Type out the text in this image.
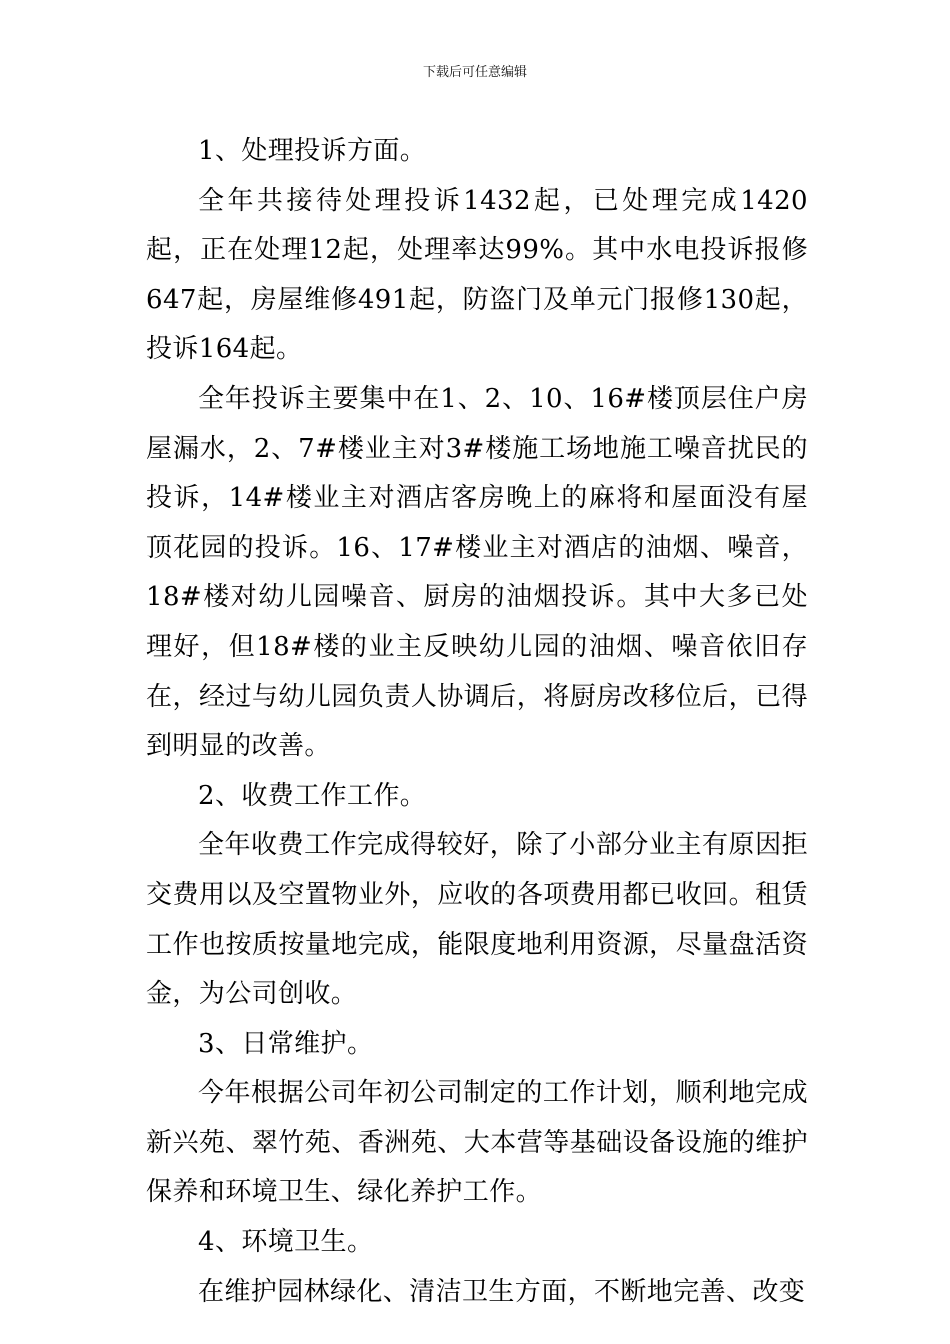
下载后可任意编辑

1、处理投诉方面。

全年共接待处理投诉1432起，已处理完成1420起，正在处理12起，处理率达99%。其中水电投诉报修647起，房屋维修491起，防盗门及单元门报修130起，投诉164起。

全年投诉主要集中在1、2、10、16#楼顶层住户房屋漏水，2、7#楼业主对3#楼施工场地施工噪音扰民的投诉，14#楼业主对酒店客房晚上的麻将和屋面没有屋顶花园的投诉。16、17#楼业主对酒店的油烟、噪音，18#楼对幼儿园噪音、厨房的油烟投诉。其中大多已处理好，但18#楼的业主反映幼儿园的油烟、噪音依旧存在，经过与幼儿园负责人协调后，将厨房改移位后，已得到明显的改善。

2、收费工作工作。

全年收费工作完成得较好，除了小部分业主有原因拒交费用以及空置物业外，应收的各项费用都已收回。租赁工作也按质按量地完成，能限度地利用资源，尽量盘活资金，为公司创收。

3、日常维护。

今年根据公司年初公司制定的工作计划，顺利地完成新兴苑、翠竹苑、香洲苑、大本营等基础设备设施的维护保养和环境卫生、绿化养护工作。

4、环境卫生。

在维护园林绿化、清洁卫生方面，不断地完善、改变
